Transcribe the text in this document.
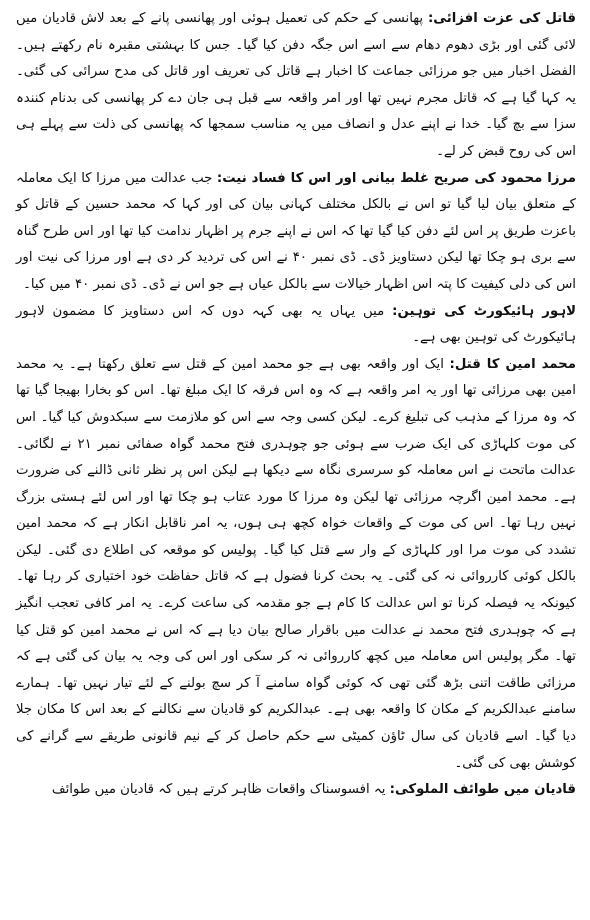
قاتل کی عزت افزائی: پھانسی کے حکم کی تعمیل ہوئی اور پھانسی پانے کے بعد لاش قادیان میں لائی گئی اور بڑی دھوم دھام سے اسے اس جگہ دفن کیا گیا۔ جس کا بہشتی مقبرہ نام رکھتے ہیں۔ الفضل اخبار میں جو مرزائی جماعت کا اخبار ہے قاتل کی تعریف اور قاتل کی مدح سرائی کی گئی۔ یہ کہا گیا ہے کہ قاتل مجرم نہیں تھا اور امر واقعہ سے قبل ہی جان دے کر پھانسی کی بدنام کنندہ سزا سے بچ گیا۔ خدا نے اپنے عدل و انصاف میں یہ مناسب سمجھا کہ پھانسی کی ذلت سے پہلے ہی اس کی روح قبض کر لے۔

مرزا محمود کی صریح غلط بیانی اور اس کا فساد نیت: جب عدالت میں مرزا کا ایک معاملہ کے متعلق بیان لیا گیا تو اس نے بالکل مختلف کہانی بیان کی اور کہا کہ محمد حسین کے قاتل کو باعزت طریق پر اس لئے دفن کیا گیا تھا کہ اس نے اپنے جرم پر اظہار ندامت کیا تھا اور اس طرح گناہ سے بری ہو چکا تھا لیکن دستاویز ڈی۔ ڈی نمبر ۴۰ نے اس کی تردید کر دی ہے اور مرزا کی نیت اور اس کی دلی کیفیت کا پتہ اس اظہار خیالات سے بالکل عیاں ہے جو اس نے ڈی۔ ڈی نمبر ۴۰ میں کیا۔

لاہور ہائیکورٹ کی توہین: میں یہاں یہ بھی کہہ دوں کہ اس دستاویز کا مضمون لاہور ہائیکورٹ کی توہین بھی ہے۔

محمد امین کا قتل: ایک اور واقعہ بھی ہے جو محمد امین کے قتل سے تعلق رکھتا ہے۔ یہ محمد امین بھی مرزائی تھا اور یہ امر واقعہ ہے کہ وہ اس فرقہ کا ایک مبلغ تھا۔ اس کو بخارا بھیجا گیا تھا کہ وہ مرزا کے مذہب کی تبلیغ کرے۔ لیکن کسی وجہ سے اس کو ملازمت سے سبکدوش کیا گیا۔ اس کی موت کلہاڑی کی ایک ضرب سے ہوئی جو چوہدری فتح محمد گواہ صفائی نمبر ۲۱ نے لگائی۔ عدالت ماتحت نے اس معاملہ کو سرسری نگاہ سے دیکھا ہے لیکن اس پر نظر ثانی ڈالنے کی ضرورت ہے۔ محمد امین اگرچہ مرزائی تھا لیکن وہ مرزا کا مورد عتاب ہو چکا تھا اور اس لئے ہستی بزرگ نہیں رہا تھا۔ اس کی موت کے واقعات خواہ کچھ ہی ہوں، یہ امر ناقابل انکار ہے کہ محمد امین تشدد کی موت مرا اور کلہاڑی کے وار سے قتل کیا گیا۔ پولیس کو موقعہ کی اطلاع دی گئی۔ لیکن بالکل کوئی کارروائی نہ کی گئی۔ یہ بحث کرنا فضول ہے کہ قاتل حفاظت خود اختیاری کر رہا تھا۔ کیونکہ یہ فیصلہ کرنا تو اس عدالت کا کام ہے جو مقدمہ کی ساعت کرے۔ یہ امر کافی تعجب انگیز ہے کہ چوہدری فتح محمد نے عدالت میں باقرار صالح بیان دیا ہے کہ اس نے محمد امین کو قتل کیا تھا۔ مگر پولیس اس معاملہ میں کچھ کارروائی نہ کر سکی اور اس کی وجہ یہ بیان کی گئی ہے کہ مرزائی طاقت اتنی بڑھ گئی تھی کہ کوئی گواہ سامنے آ کر سچ بولنے کے لئے تیار نہیں تھا۔ ہمارے سامنے عبدالکریم کے مکان کا واقعہ بھی ہے۔ عبدالکریم کو قادیان سے نکالنے کے بعد اس کا مکان جلا دیا گیا۔ اسے قادیان کی سال ٹاؤن کمیٹی سے حکم حاصل کر کے نیم قانونی طریقے سے گرانے کی کوشش بھی کی گئی۔

قادیان میں طوائف الملوکی: یہ افسوسناک واقعات ظاہر کرتے ہیں کہ قادیان میں طوائف
